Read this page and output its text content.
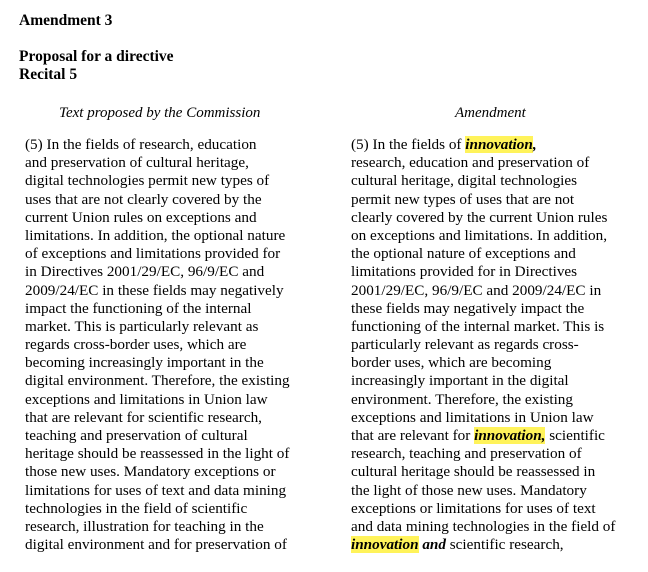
Amendment 3
Proposal for a directive
Recital 5
Text proposed by the Commission	Amendment
(5) In the fields of research, education
and preservation of cultural heritage,
digital technologies permit new types of
uses that are not clearly covered by the
current Union rules on exceptions and
limitations. In addition, the optional nature
of exceptions and limitations provided for
in Directives 2001/29/EC, 96/9/EC and
2009/24/EC in these fields may negatively
impact the functioning of the internal
market. This is particularly relevant as
regards cross-border uses, which are
becoming increasingly important in the
digital environment. Therefore, the existing
exceptions and limitations in Union law
that are relevant for scientific research,
teaching and preservation of cultural
heritage should be reassessed in the light of
those new uses. Mandatory exceptions or
limitations for uses of text and data mining
technologies in the field of scientific
research, illustration for teaching in the
digital environment and for preservation of
(5) In the fields of innovation,
research, education and preservation of
cultural heritage, digital technologies
permit new types of uses that are not
clearly covered by the current Union rules
on exceptions and limitations. In addition,
the optional nature of exceptions and
limitations provided for in Directives
2001/29/EC, 96/9/EC and 2009/24/EC in
these fields may negatively impact the
functioning of the internal market. This is
particularly relevant as regards cross-
border uses, which are becoming
increasingly important in the digital
environment. Therefore, the existing
exceptions and limitations in Union law
that are relevant for innovation, scientific
research, teaching and preservation of
cultural heritage should be reassessed in
the light of those new uses. Mandatory
exceptions or limitations for uses of text
and data mining technologies in the field of
innovation and scientific research,
